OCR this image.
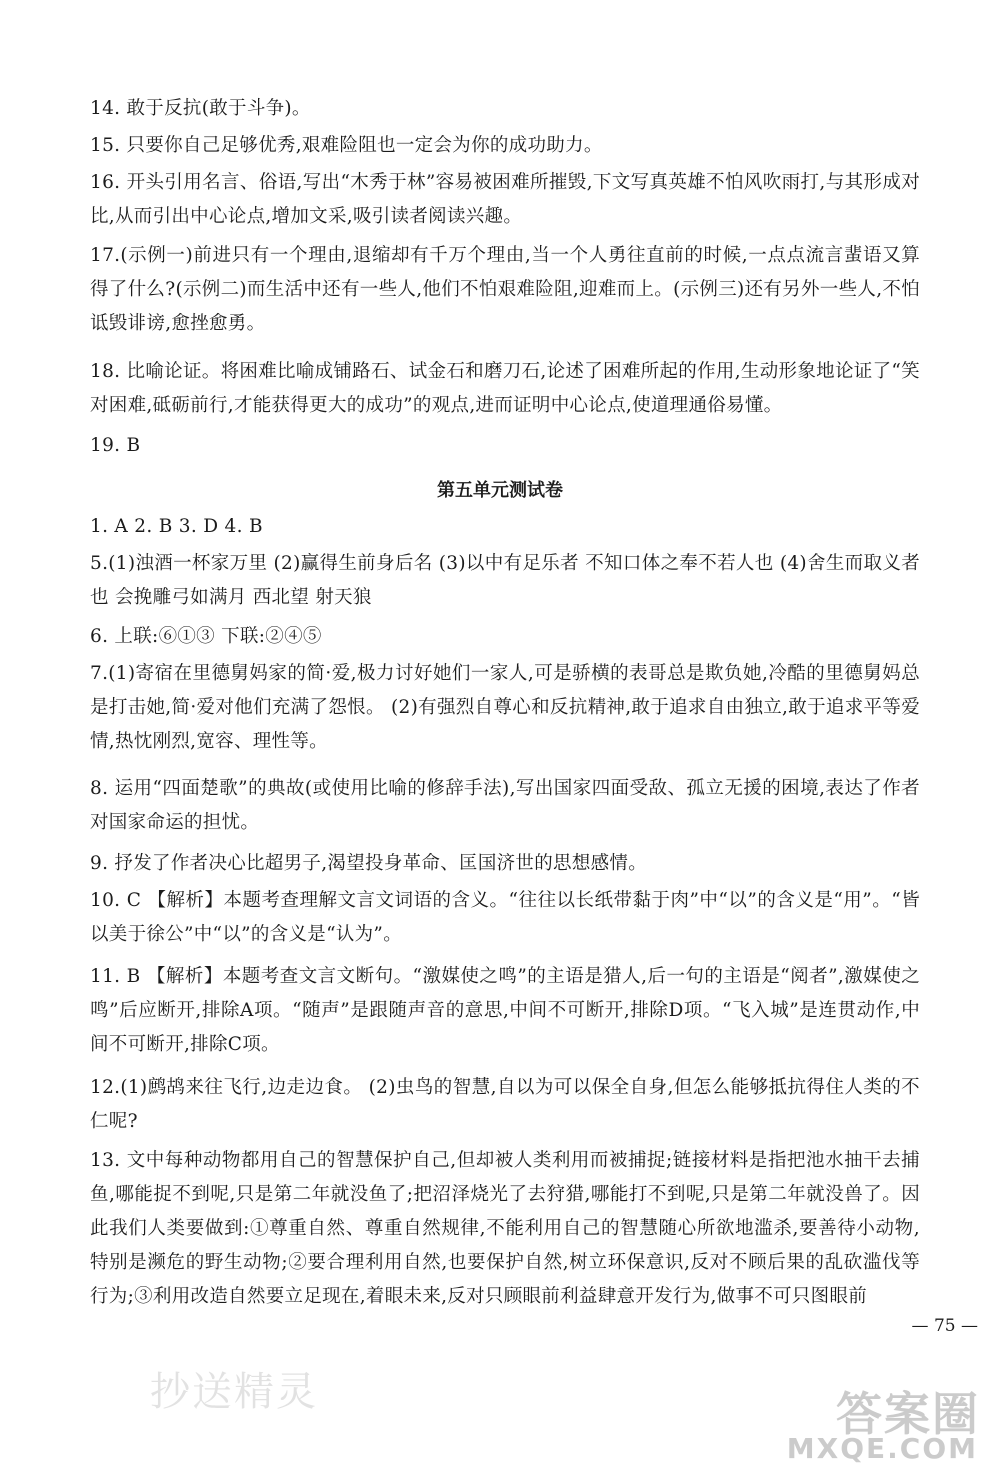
14. 敢于反抗(敢于斗争)。

15. 只要你自己足够优秀,艰难险阻也一定会为你的成功助力。

16. 开头引用名言、俗语,写出“木秀于林”容易被困难所摧毁,下文写真英雄不怕风吹雨打,与其形成对比,从而引出中心论点,增加文采,吸引读者阅读兴趣。

17.(示例一)前进只有一个理由,退缩却有千万个理由,当一个人勇往直前的时候,一点点流言蜚语又算得了什么?(示例二)而生活中还有一些人,他们不怕艰难险阻,迎难而上。(示例三)还有另外一些人,不怕诋毁诽谤,愈挫愈勇。

18. 比喻论证。将困难比喻成铺路石、试金石和磨刀石,论述了困难所起的作用,生动形象地论证了“笑对困难,砥砺前行,才能获得更大的成功”的观点,进而证明中心论点,使道理通俗易懂。

19. B

第五单元测试卷

1. A 2. B 3. D 4. B

5.(1)浊酒一杯家万里 (2)赢得生前身后名 (3)以中有足乐者 不知口体之奉不若人也 (4)舍生而取义者也 会挽雕弓如满月 西北望 射天狼

6. 上联:⑥①③ 下联:②④⑤

7.(1)寄宿在里德舅妈家的简·爱,极力讨好她们一家人,可是骄横的表哥总是欺负她,冷酷的里德舅妈总是打击她,简·爱对他们充满了怨恨。 (2)有强烈自尊心和反抗精神,敢于追求自由独立,敢于追求平等爱情,热忱刚烈,宽容、理性等。

8. 运用“四面楚歌”的典故(或使用比喻的修辞手法),写出国家四面受敌、孤立无援的困境,表达了作者对国家命运的担忧。

9. 抒发了作者决心比超男子,渴望投身革命、匡国济世的思想感情。

10. C 【解析】本题考查理解文言文词语的含义。“往往以长纸带黏于肉”中“以”的含义是“用”。“皆以美于徐公”中“以”的含义是“认为”。

11. B 【解析】本题考查文言文断句。“激媒使之鸣”的主语是猎人,后一句的主语是“阅者”,激媒使之鸣”后应断开,排除A项。“随声”是跟随声音的意思,中间不可断开,排除D项。“飞入城”是连贯动作,中间不可断开,排除C项。

12.(1)鹧鸪来往飞行,边走边食。 (2)虫鸟的智慧,自以为可以保全自身,但怎么能够抵抗得住人类的不仁呢?

13. 文中每种动物都用自己的智慧保护自己,但却被人类利用而被捕捉;链接材料是指把池水抽干去捕鱼,哪能捉不到呢,只是第二年就没鱼了;把沼泽烧光了去狩猎,哪能打不到呢,只是第二年就没兽了。因此我们人类要做到:①尊重自然、尊重自然规律,不能利用自己的智慧随心所欲地滥杀,要善待小动物,特别是濒危的野生动物;②要合理利用自然,也要保护自然,树立环保意识,反对不顾后果的乱砍滥伐等行为;③利用改造自然要立足现在,着眼未来,反对只顾眼前利益肆意开发行为,做事不可只图眼前

— 75 —
抄送精灵	答案圈
MXQE.COM
